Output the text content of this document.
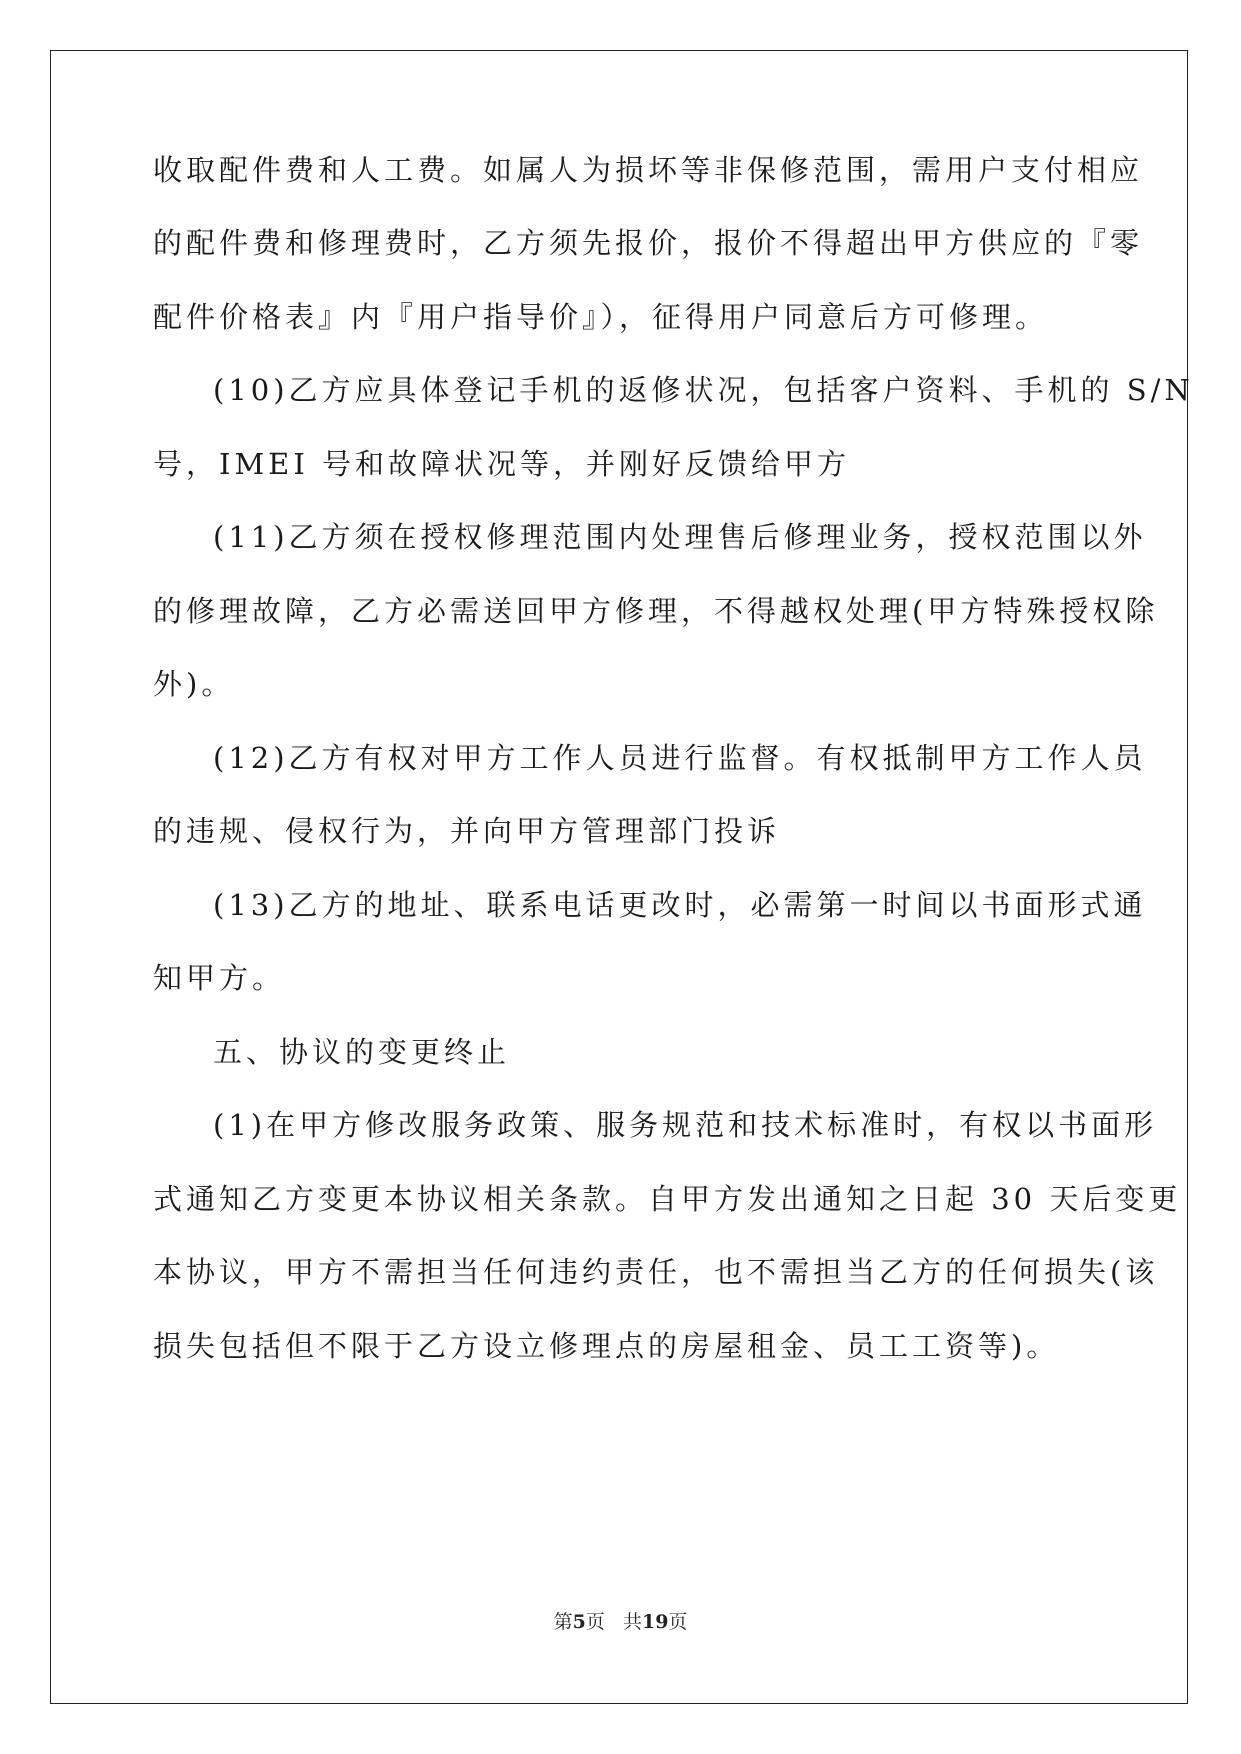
收取配件费和人工费。如属人为损坏等非保修范围，需用户支付相应
的配件费和修理费时，乙方须先报价，报价不得超出甲方供应的『零
配件价格表』内『用户指导价』），征得用户同意后方可修理。
(10)乙方应具体登记手机的返修状况，包括客户资料、手机的 S/N
号，IMEI 号和故障状况等，并刚好反馈给甲方
(11)乙方须在授权修理范围内处理售后修理业务，授权范围以外
的修理故障，乙方必需送回甲方修理，不得越权处理(甲方特殊授权除
外)。
(12)乙方有权对甲方工作人员进行监督。有权抵制甲方工作人员
的违规、侵权行为，并向甲方管理部门投诉
(13)乙方的地址、联系电话更改时，必需第一时间以书面形式通
知甲方。
五、协议的变更终止
(1)在甲方修改服务政策、服务规范和技术标准时，有权以书面形
式通知乙方变更本协议相关条款。自甲方发出通知之日起 30 天后变更
本协议，甲方不需担当任何违约责任，也不需担当乙方的任何损失(该
损失包括但不限于乙方设立修理点的房屋租金、员工工资等)。
第5页 共19页
